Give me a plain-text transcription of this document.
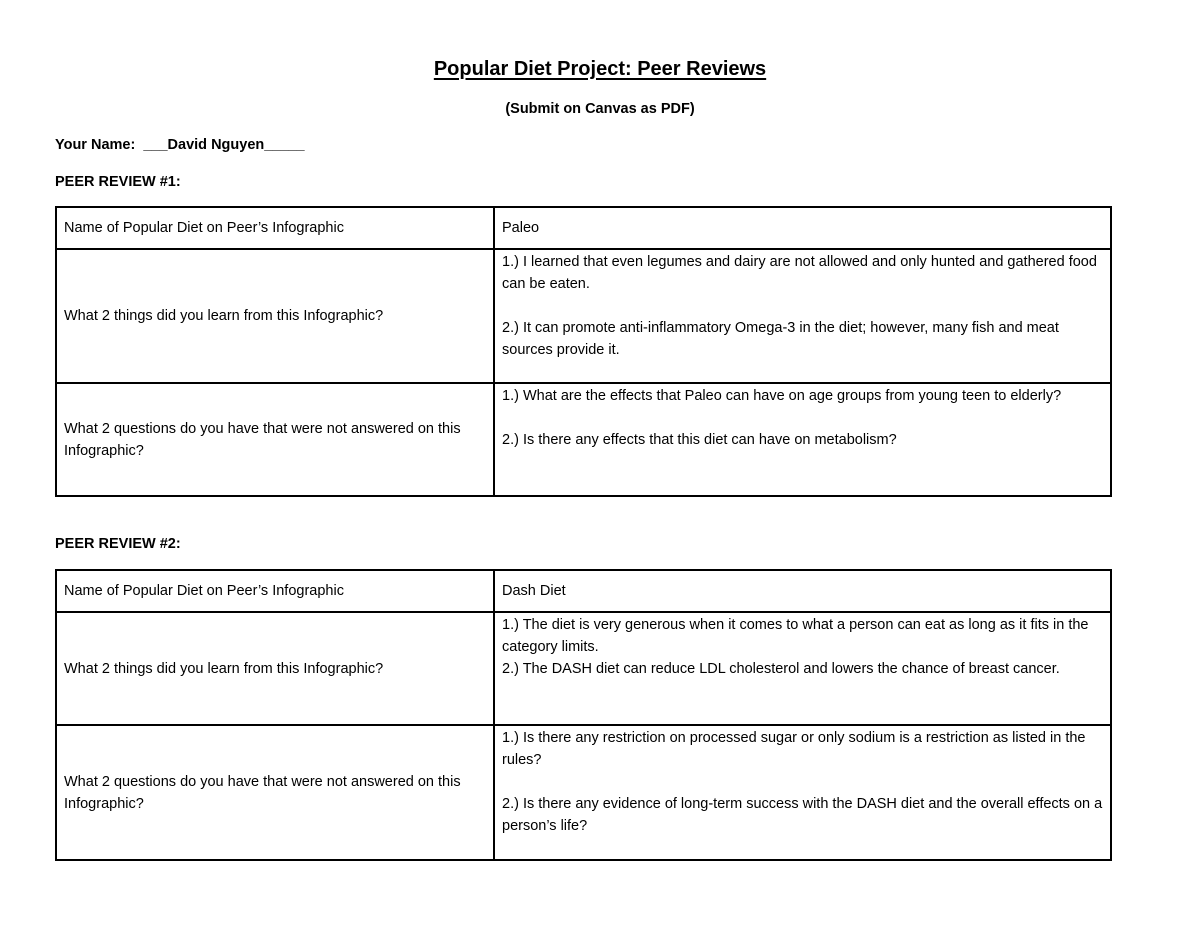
Popular Diet Project: Peer Reviews
(Submit on Canvas as PDF)
Your Name:  ___David Nguyen_____
PEER REVIEW #1:
Name of Popular Diet on Peer’s Infographic	Paleo
What 2 things did you learn from this Infographic?	1.) I learned that even legumes and dairy are not allowed and only hunted and gathered food can be eaten.

2.) It can promote anti-inflammatory Omega-3 in the diet; however, many fish and meat sources provide it.

What 2 questions do you have that were not answered on this Infographic?	1.) What are the effects that Paleo can have on age groups from young teen to elderly?

2.) Is there any effects that this diet can have on metabolism?

PEER REVIEW #2:
Name of Popular Diet on Peer’s Infographic	Dash Diet
What 2 things did you learn from this Infographic?	1.) The diet is very generous when it comes to what a person can eat as long as it fits in the category limits.

2.) The DASH diet can reduce LDL cholesterol and lowers the chance of breast cancer.

What 2 questions do you have that were not answered on this Infographic?	1.) Is there any restriction on processed sugar or only sodium is a restriction as listed in the rules?

2.) Is there any evidence of long-term success with the DASH diet and the overall effects on a person’s life?
